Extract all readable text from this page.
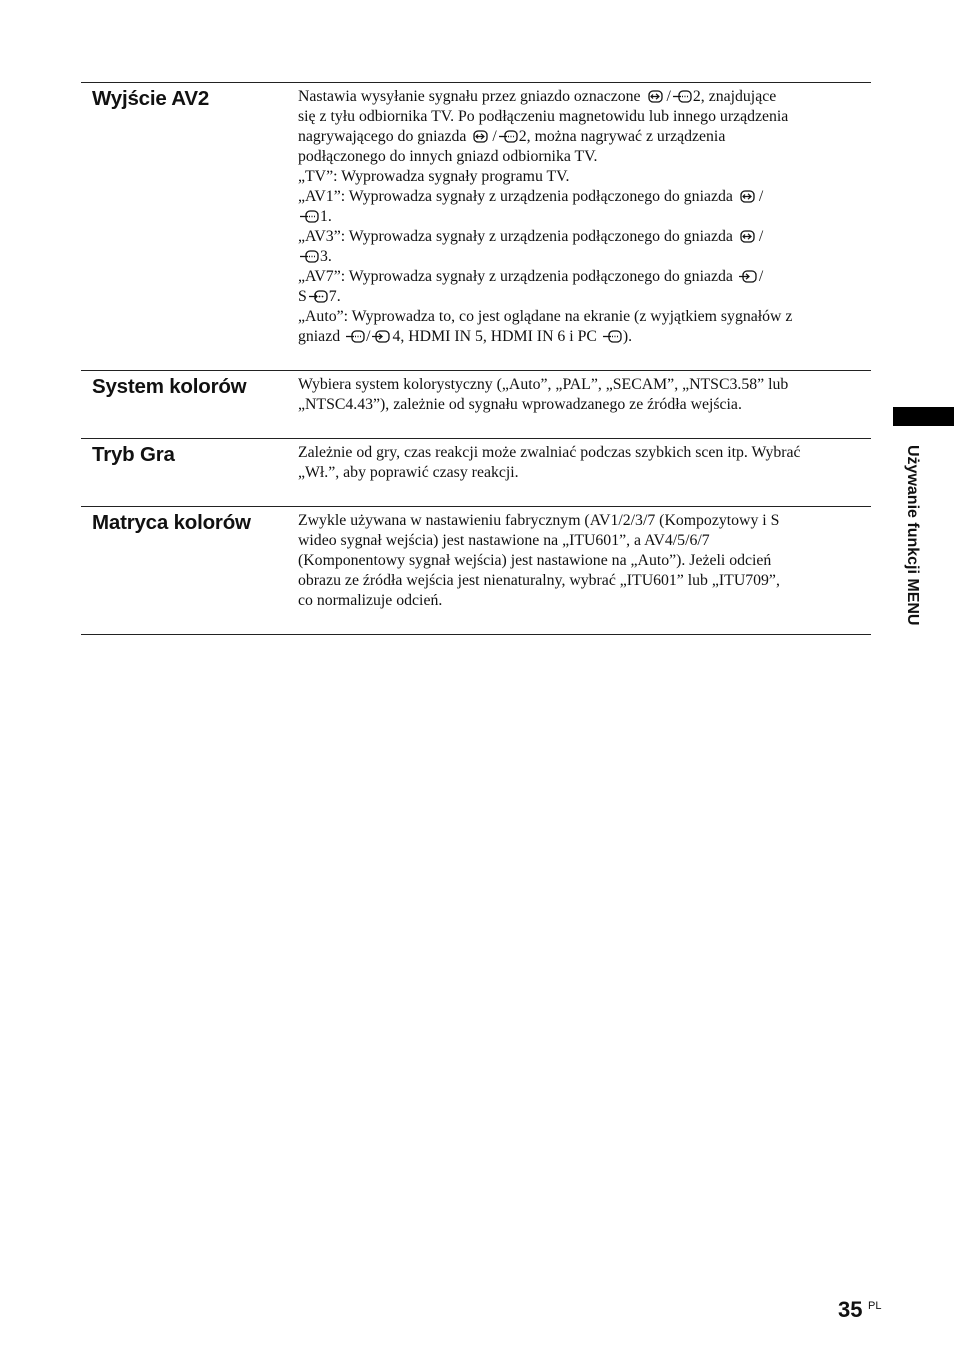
Wyjście AV2	Nastawia wysyłanie sygnału przez gniazdo oznaczone / 2, znajdujące
się z tyłu odbiornika TV. Po podłączeniu magnetowidu lub innego urządzenia
nagrywającego do gniazda / 2, można nagrywać z urządzenia
podłączonego do innych gniazd odbiornika TV.
„TV”: Wyprowadza sygnały programu TV.
„AV1”: Wyprowadza sygnały z urządzenia podłączonego do gniazda /
1.
„AV3”: Wyprowadza sygnały z urządzenia podłączonego do gniazda /
3.
„AV7”: Wyprowadza sygnały z urządzenia podłączonego do gniazda /
S 7.
„Auto”: Wyprowadza to, co jest oglądane na ekranie (z wyjątkiem sygnałów z
gniazd / 4, HDMI IN 5, HDMI IN 6 i PC ).
System kolorów	Wybiera system kolorystyczny („Auto”, „PAL”, „SECAM”, „NTSC3.58” lub
„NTSC4.43”), zależnie od sygnału wprowadzanego ze źródła wejścia.
Tryb Gra	Zależnie od gry, czas reakcji może zwalniać podczas szybkich scen itp. Wybrać
„Wł.”, aby poprawić czasy reakcji.
Matryca kolorów	Zwykle używana w nastawieniu fabrycznym (AV1/2/3/7 (Kompozytowy i S
wideo sygnał wejścia) jest nastawione na „ITU601”, a AV4/5/6/7
(Komponentowy sygnał wejścia) jest nastawione na „Auto”). Jeżeli odcień
obrazu ze źródła wejścia jest nienaturalny, wybrać „ITU601” lub „ITU709”,
co normalizuje odcień.	Używanie funkcji MENU
35 PL
